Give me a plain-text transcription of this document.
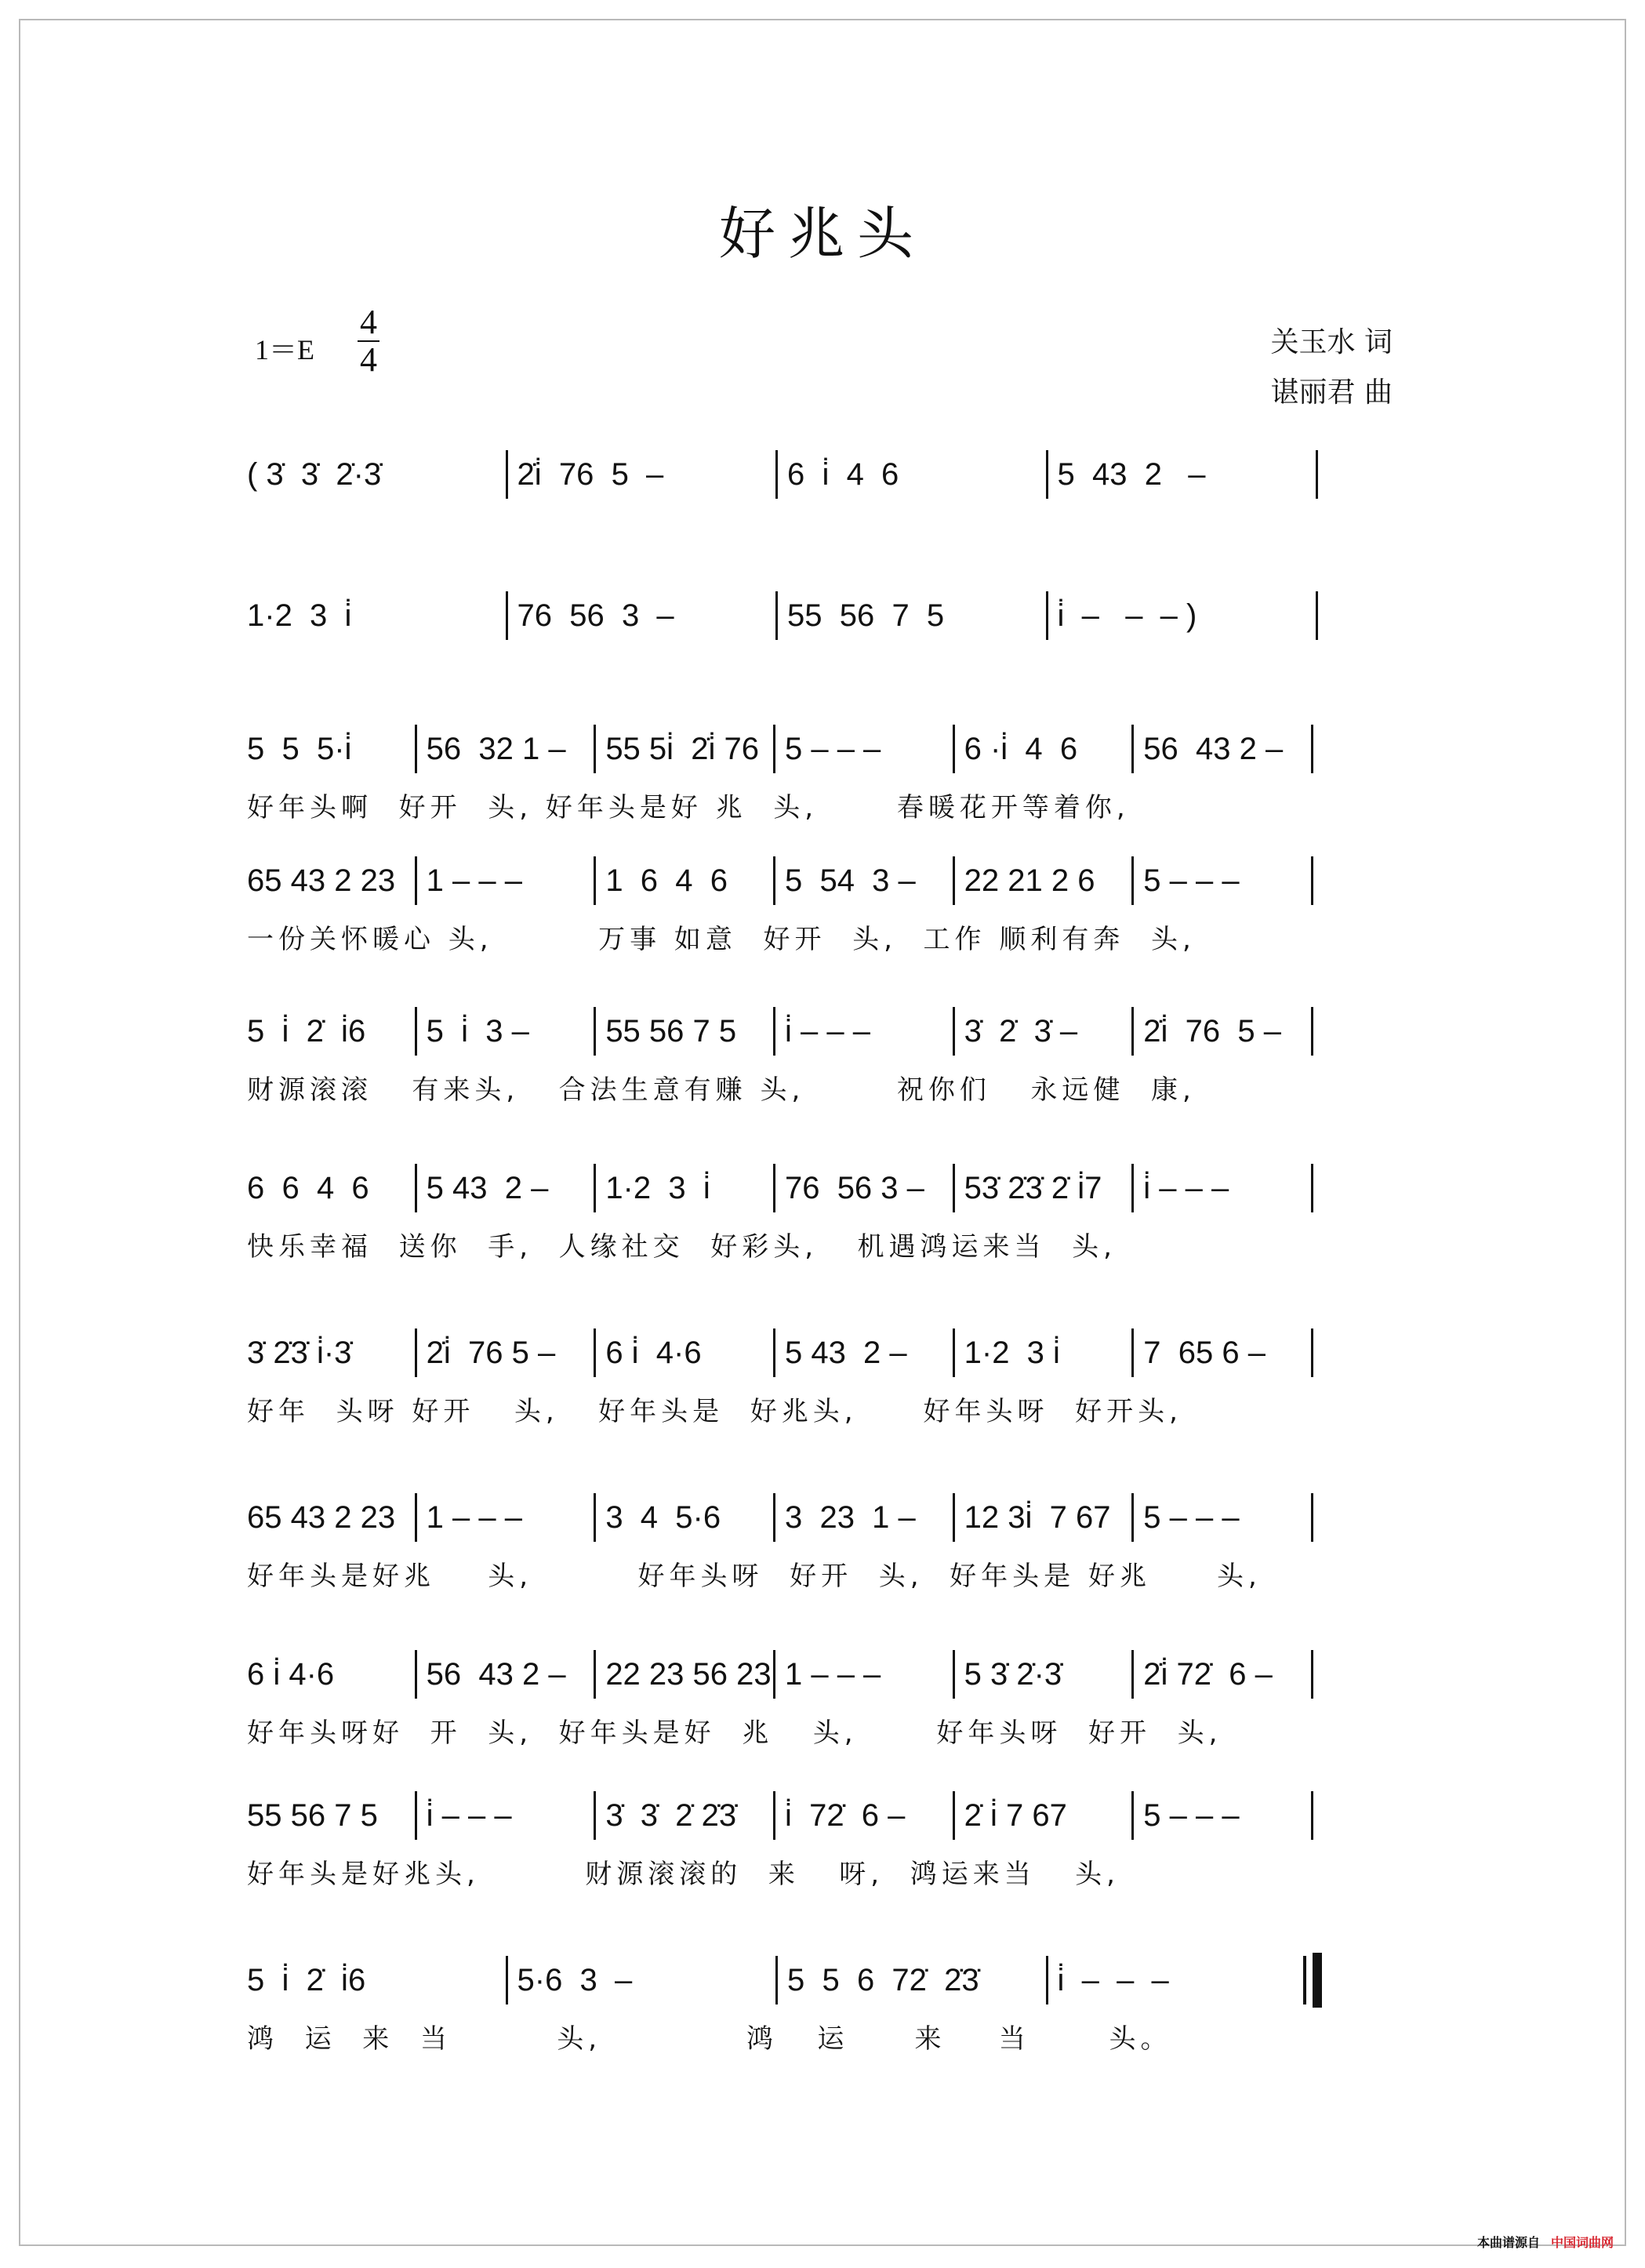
好兆头
1＝E
4
4	关玉水 词
谌丽君 曲
( 3̇  3̇  2̇·3̇	2̇i̇  76  5  –	6  i̇  4  6	5  43  2   –
1·2  3  i̇	76  56  3  –	55  56  7  5	i̇  –   –  – )
5  5  5·i̇	56  32 1 –	55 5i̇  2̇i̇ 76 5 – – –	6 ·i̇  4  6	56  43 2 –
好年头啊  好开  头, 好年头是好 兆  头,      春暖花开等着你,
65 43 2 23 1 – – –	1  6  4  6	5  54  3 –	22 21 2 6	5 – – –
一份关怀暖心 头,        万事 如意  好开  头,  工作 顺利有奔  头,
5  i̇  2̇  i̇6	5  i̇  3 –	55 56 7 5	i̇ – – –	3̇  2̇  3̇ –	2̇i̇  76  5 –
财源滚滚   有来头,   合法生意有赚 头,       祝你们   永远健  康,
6  6  4  6	5 43  2 –	1·2  3  i̇	76  56 3 –	53̇ 2̇3̇ 2̇ i̇7	i̇ – – –
快乐幸福  送你  手,  人缘社交  好彩头,   机遇鸿运来当  头,
3̇ 2̇3̇ i̇·3̇	2̇i̇  76 5 –	6 i̇  4·6	5 43  2 –	1·2  3 i̇	7  65 6 –
好年  头呀 好开   头,   好年头是  好兆头,     好年头呀  好开头,
65 43 2 23 1 – – –	3  4  5·6	3  23  1 –	12 3i̇  7 67	5 – – –
好年头是好兆    头,        好年头呀  好开  头,  好年头是 好兆     头,
6 i̇ 4·6	56  43 2 –	22 23 56 23 1 – – –	5 3̇ 2̇·3̇	2̇i̇ 72̇  6 –
好年头呀好  开  头,  好年头是好  兆   头,      好年头呀  好开  头,
55 56 7 5	i̇ – – –	3̇  3̇  2̇ 2̇3̇	i̇  72̇  6 –	2̇ i̇ 7 67	5 – – –
好年头是好兆头,        财源滚滚的  来   呀,  鸿运来当   头,
5  i̇  2̇  i̇6	5·6  3  –	5  5  6  72̇  2̇3̇	i̇  –  –  –
鸿  运  来  当        头,           鸿   运     来    当      头。
本曲谱源自 中国词曲网
